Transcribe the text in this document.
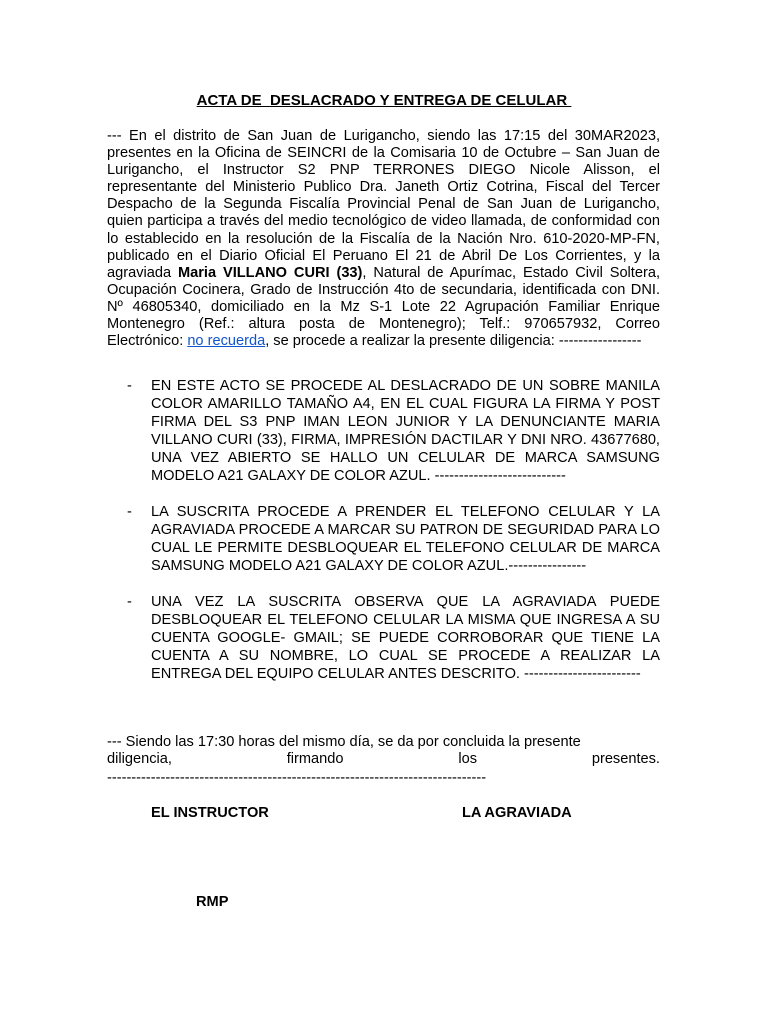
ACTA DE  DESLACRADO Y ENTREGA DE CELULAR
--- En el distrito de San Juan de Lurigancho, siendo las 17:15 del 30MAR2023, presentes en la Oficina de SEINCRI de la Comisaria 10 de Octubre – San Juan de Lurigancho, el Instructor S2 PNP TERRONES DIEGO Nicole Alisson, el representante del Ministerio Publico Dra. Janeth Ortiz Cotrina, Fiscal del Tercer Despacho de la Segunda Fiscalía Provincial Penal de San Juan de Lurigancho, quien participa a través del medio tecnológico de video llamada, de conformidad con lo establecido en la resolución de la Fiscalía de la Nación Nro. 610-2020-MP-FN, publicado en el Diario Oficial El Peruano El 21 de Abril De Los Corrientes, y la agraviada Maria VILLANO CURI (33), Natural de Apurímac, Estado Civil Soltera, Ocupación Cocinera, Grado de Instrucción 4to de secundaria, identificada con DNI. Nº 46805340, domiciliado en la Mz S-1 Lote 22 Agrupación Familiar Enrique Montenegro (Ref.: altura posta de Montenegro); Telf.: 970657932, Correo Electrónico: no recuerda, se procede a realizar la presente diligencia: -----------------
- EN ESTE ACTO SE PROCEDE AL DESLACRADO DE UN SOBRE MANILA COLOR AMARILLO TAMAÑO A4, EN EL CUAL FIGURA LA FIRMA Y POST FIRMA DEL S3 PNP IMAN LEON JUNIOR Y LA DENUNCIANTE MARIA VILLANO CURI (33), FIRMA, IMPRESIÓN DACTILAR Y DNI NRO. 43677680, UNA VEZ ABIERTO SE HALLO UN CELULAR DE MARCA SAMSUNG MODELO A21 GALAXY DE COLOR AZUL. ---------------------------
- LA SUSCRITA PROCEDE A PRENDER EL TELEFONO CELULAR Y LA AGRAVIADA PROCEDE A MARCAR SU PATRON DE SEGURIDAD PARA LO CUAL LE PERMITE DESBLOQUEAR EL TELEFONO CELULAR DE MARCA SAMSUNG MODELO A21 GALAXY DE COLOR AZUL.----------------
- UNA VEZ LA SUSCRITA OBSERVA QUE LA AGRAVIADA PUEDE DESBLOQUEAR EL TELEFONO CELULAR LA MISMA QUE INGRESA A SU CUENTA GOOGLE- GMAIL; SE PUEDE CORROBORAR QUE TIENE LA CUENTA A SU NOMBRE, LO CUAL SE PROCEDE A REALIZAR LA ENTREGA DEL EQUIPO CELULAR ANTES DESCRITO. ------------------------
--- Siendo las 17:30 horas del mismo día, se da por concluida la presente
diligencia, firmando los presentes.
------------------------------------------------------------------------------
EL INSTRUCTOR	LA AGRAVIADA
RMP
